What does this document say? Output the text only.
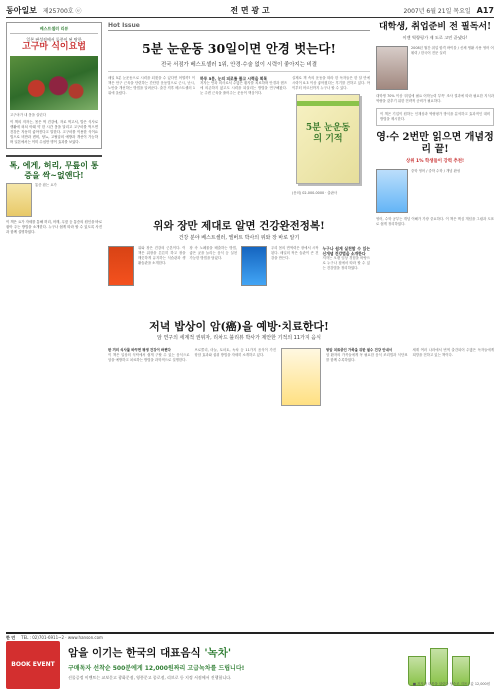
동아일보 제25700호 ⓔ	전 면 광 고	2007년 6월 21일 목요일 A17
베스트셀러 리뷰
일본 판성점에서 돌풍이 된 탐한
고구마 식이요법
고구마가 내 몸을 살린다
이 책의 저자는, 몸은 먹 건강에, 자로 먹고서, 밥은 식사로 생활에 외치 아래 약 한 시간 몸을 달리고 고구마를 먹으면 건강은 자동히 좋아진다고 말한다. 고구마를 이용한 식이요법으로 비만과 변비, 당뇨, 고혈압의 예방과 개선이 가능하며 일본에서는 이미 수십만 명이 효과를 보았다.
톡, 에게, 허리, 무릎이 통증을 싹~없앤다!
통증 잡는 요가
이 책은 요가 자세를 통해 허리, 어깨, 무릎 등 통증의 원인을 바로잡아 주는 방법을 소개한다. 누구나 쉽게 따라 할 수 있도록 사진과 함께 설명하였다.
Hot Issue
5분 눈운동 30일이면 안경 벗는다!
전국 서점가 베스트셀러 1위, 안경·수술 없이 시력이 좋아지는 비결
매일 5분 눈운동으로 시력을 되찾을 수 있다면 어떨까? 이 책은 안구 근육을 단련하는 간단한 운동법으로 근시, 난시, 노안을 개선하는 방법을 알려준다. 출간 직후 베스트셀러 1위에 올랐다.
하루 5분, 눈의 피로를 풀고 시력을 회복
저자는 안과 의사로서 수많은 환자를 치료하며 안경과 렌즈에 의존하지 않고도 시력을 되살리는 방법을 연구해왔다. 눈 주변 근육을 풀어주는 운동이 핵심이다.
실제로 책 속의 운동을 따라 한 독자들은 한 달 만에 시력이 0.3 이상 좋아졌다는 후기를 전하고 있다. 아이부터 어르신까지 누구나 할 수 있다.
5분 눈운동의 기적
(문의) 02-000-0000 · 출판사
위와 장만 제대로 알면 건강완전정복!
건강 분야 베스트셀러, 엘버트 박사의 위와 장 바로 알기
위와 장은 건강의 근본이다. 이 책은 위장을 튼튼히 하고 장을 깨끗하게 유지하는 식습관과 생활습관을 소개한다.
장 속 노폐물을 배출하는 방법, 좋은 균을 늘리는 음식 등 실천 가능한 방법을 담았다.
우리 몸의 면역력은 장에서 시작된다. 매일의 작은 습관이 큰 건강을 만든다.
누구나 쉽게 실천할 수 있는 신개념 건강법을 소개한다
저자는 오랜 임상 경험을 바탕으로 누구나 집에서 따라 할 수 있는 건강법을 정리하였다.
저녁 밥상이 암(癌)을 예방·치료한다!
암 연구의 세계적 권위자, 리차드 블리뷰 박사가 제안한 기적의 11가지 음식
한 끼의 식사를 바꾸면 평생 건강이 바뀐다
이 책은 일상의 식탁에서 쉽게 구할 수 있는 음식으로 암을 예방하고 치료하는 방법을 과학적으로 설명한다.
브로콜리, 마늘, 토마토, 녹차 등 11가지 음식이 가진 항암 효과와 섭취 방법을 자세히 소개하고 있다.
항암 치료중인 가족을 위한 필수 건강 안내서
암 환자의 가족들에게 꼭 필요한 음식 조리법과 식단표를 함께 수록하였다.
세계 여러 나라에서 번역 출간되어 수많은 독자들에게 희망을 전하고 있는 책이다.
대학생, 취업준비 전 필독서!
이젠 역량평가 제 도로 고민 끝냈다!
2008년 월간 취업 합격 바이블 / 신체 생활 사용 영어 어휘력 / 한국어 전문 실력
대학생 70% 이상 '취업에 필요 어학능력 부족' 조사 결과에 따라 필요한 지식과 역량을 갖추기 위한 전략적 준비가 필요하다.
이 책은 기업이 원하는 인재상과 역량평가 방식을 분석하고 효과적인 대비 방법을 제시한다.
영·수 2번만 읽으면 개념정리 끝!
상위 1% 학생들이 강력 추천!
중학 영어 / 중학 수학 / 개념 완성
영어, 수학 공부는 개념 이해가 가장 중요하다. 이 책은 핵심 개념을 그림과 도표로 쉽게 정리하였다.
한 언 TEL : 02)701-6911~2 · www.hanson.com
BOOK EVENT
암을 이기는 한국의 대표음식 '녹차'
구매독자 선착순 500분에게 12,000원짜리 고급녹차를 드립니다!
선물증정 이벤트는 교보문고 광화문점, 영풍문고 종로점, 리브로 등 지정 서점에서 진행합니다.
■ 저자가 내몸을 살린다 양승조 지음 | 값 12,000원
